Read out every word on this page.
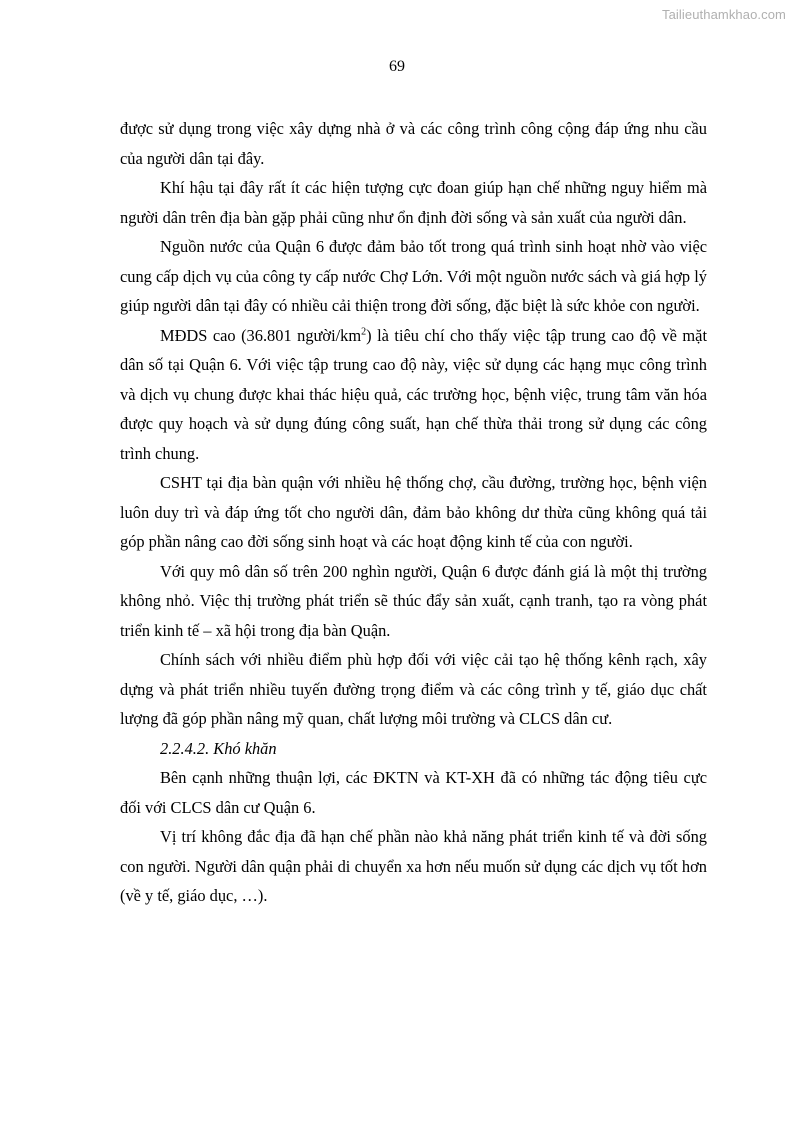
Tailieuthamkhao.com
69

được sử dụng trong việc xây dựng nhà ở và các công trình công cộng đáp ứng nhu cầu của người dân tại đây.

Khí hậu tại đây rất ít các hiện tượng cực đoan giúp hạn chế những nguy hiểm mà người dân trên địa bàn gặp phải cũng như ổn định đời sống và sản xuất của người dân.

Nguồn nước của Quận 6 được đảm bảo tốt trong quá trình sinh hoạt nhờ vào việc cung cấp dịch vụ của công ty cấp nước Chợ Lớn. Với một nguồn nước sách và giá hợp lý giúp người dân tại đây có nhiều cải thiện trong đời sống, đặc biệt là sức khỏe con người.

MĐDS cao (36.801 người/$km^2$) là tiêu chí cho thấy việc tập trung cao độ về mặt dân số tại Quận 6. Với việc tập trung cao độ này, việc sử dụng các hạng mục công trình và dịch vụ chung được khai thác hiệu quả, các trường học, bệnh việc, trung tâm văn hóa được quy hoạch và sử dụng đúng công suất, hạn chế thừa thải trong sử dụng các công trình chung.

CSHT tại địa bàn quận với nhiều hệ thống chợ, cầu đường, trường học, bệnh viện luôn duy trì và đáp ứng tốt cho người dân, đảm bảo không dư thừa cũng không quá tải góp phần nâng cao đời sống sinh hoạt và các hoạt động kinh tế của con người.

Với quy mô dân số trên 200 nghìn người, Quận 6 được đánh giá là một thị trường không nhỏ. Việc thị trường phát triển sẽ thúc đẩy sản xuất, cạnh tranh, tạo ra vòng phát triển kinh tế – xã hội trong địa bàn Quận.

Chính sách với nhiều điểm phù hợp đối với việc cải tạo hệ thống kênh rạch, xây dựng và phát triển nhiều tuyến đường trọng điểm và các công trình y tế, giáo dục chất lượng đã góp phần nâng mỹ quan, chất lượng môi trường và CLCS dân cư.

2.2.4.2. Khó khăn

Bên cạnh những thuận lợi, các ĐKTN và KT-XH đã có những tác động tiêu cực đối với CLCS dân cư Quận 6.

Vị trí không đắc địa đã hạn chế phần nào khả năng phát triển kinh tế và đời sống con người. Người dân quận phải di chuyển xa hơn nếu muốn sử dụng các dịch vụ tốt hơn (về y tế, giáo dục, …).
